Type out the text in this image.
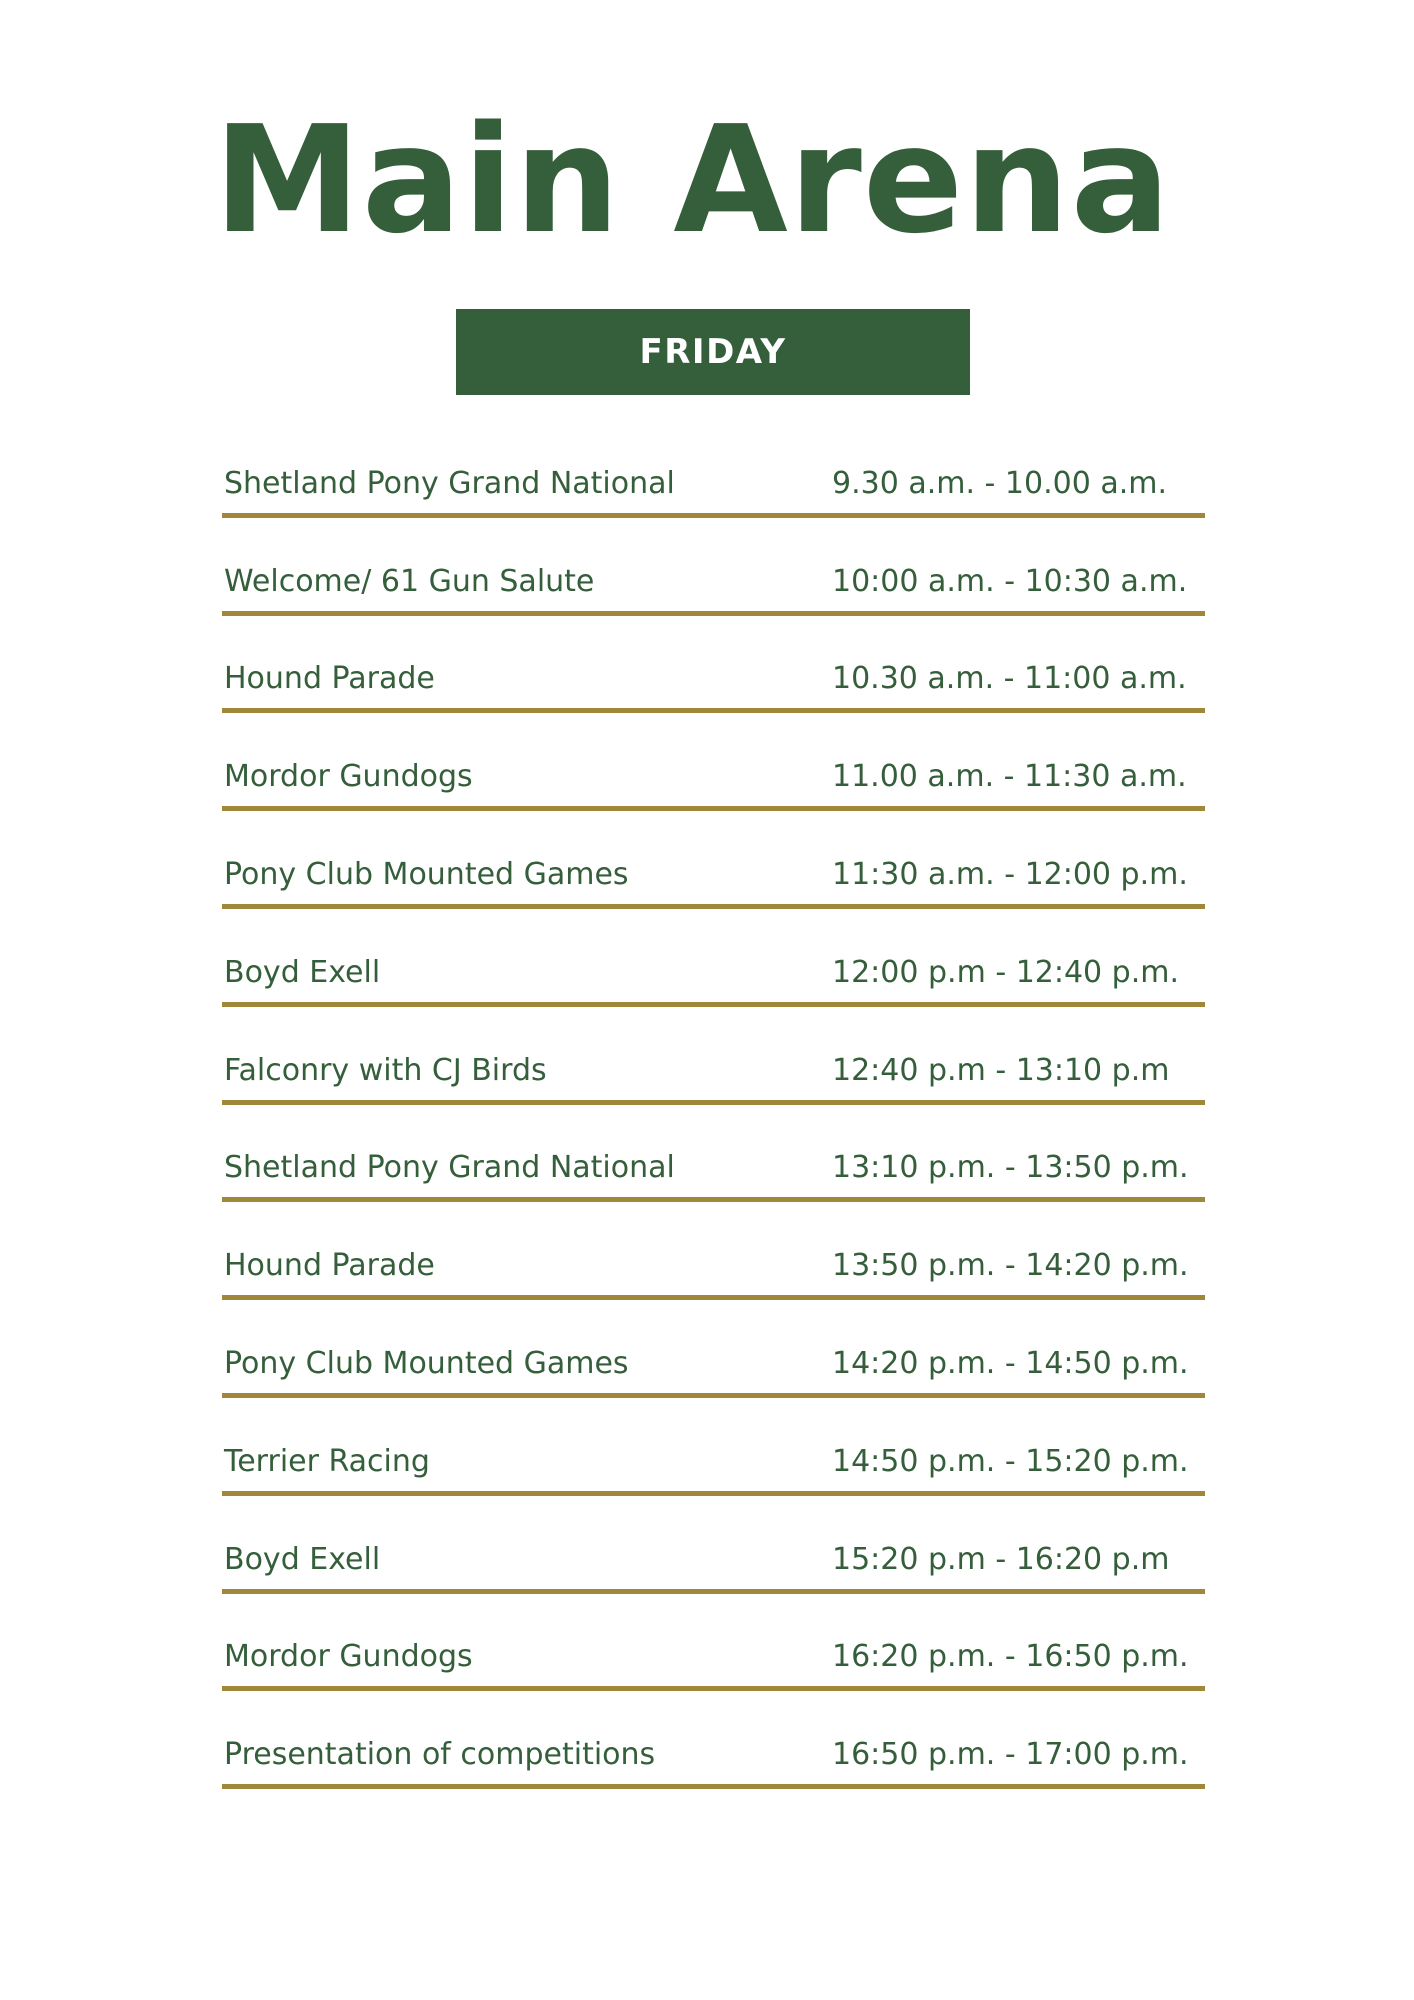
Main Arena
FRIDAY
Shetland Pony Grand National	9.30 a.m. - 10.00 a.m.
Welcome/ 61 Gun Salute	10:00 a.m. - 10:30 a.m.
Hound Parade	10.30 a.m. - 11:00 a.m.
Mordor Gundogs	11.00 a.m. - 11:30 a.m.
Pony Club Mounted Games	11:30 a.m. - 12:00 p.m.
Boyd Exell	12:00 p.m - 12:40 p.m.
Falconry with CJ Birds	12:40 p.m - 13:10 p.m
Shetland Pony Grand National	13:10 p.m. - 13:50 p.m.
Hound Parade	13:50 p.m. - 14:20 p.m.
Pony Club Mounted Games	14:20 p.m. - 14:50 p.m.
Terrier Racing	14:50 p.m. - 15:20 p.m.
Boyd Exell	15:20 p.m - 16:20 p.m
Mordor Gundogs	16:20 p.m. - 16:50 p.m.
Presentation of competitions	16:50 p.m. - 17:00 p.m.
